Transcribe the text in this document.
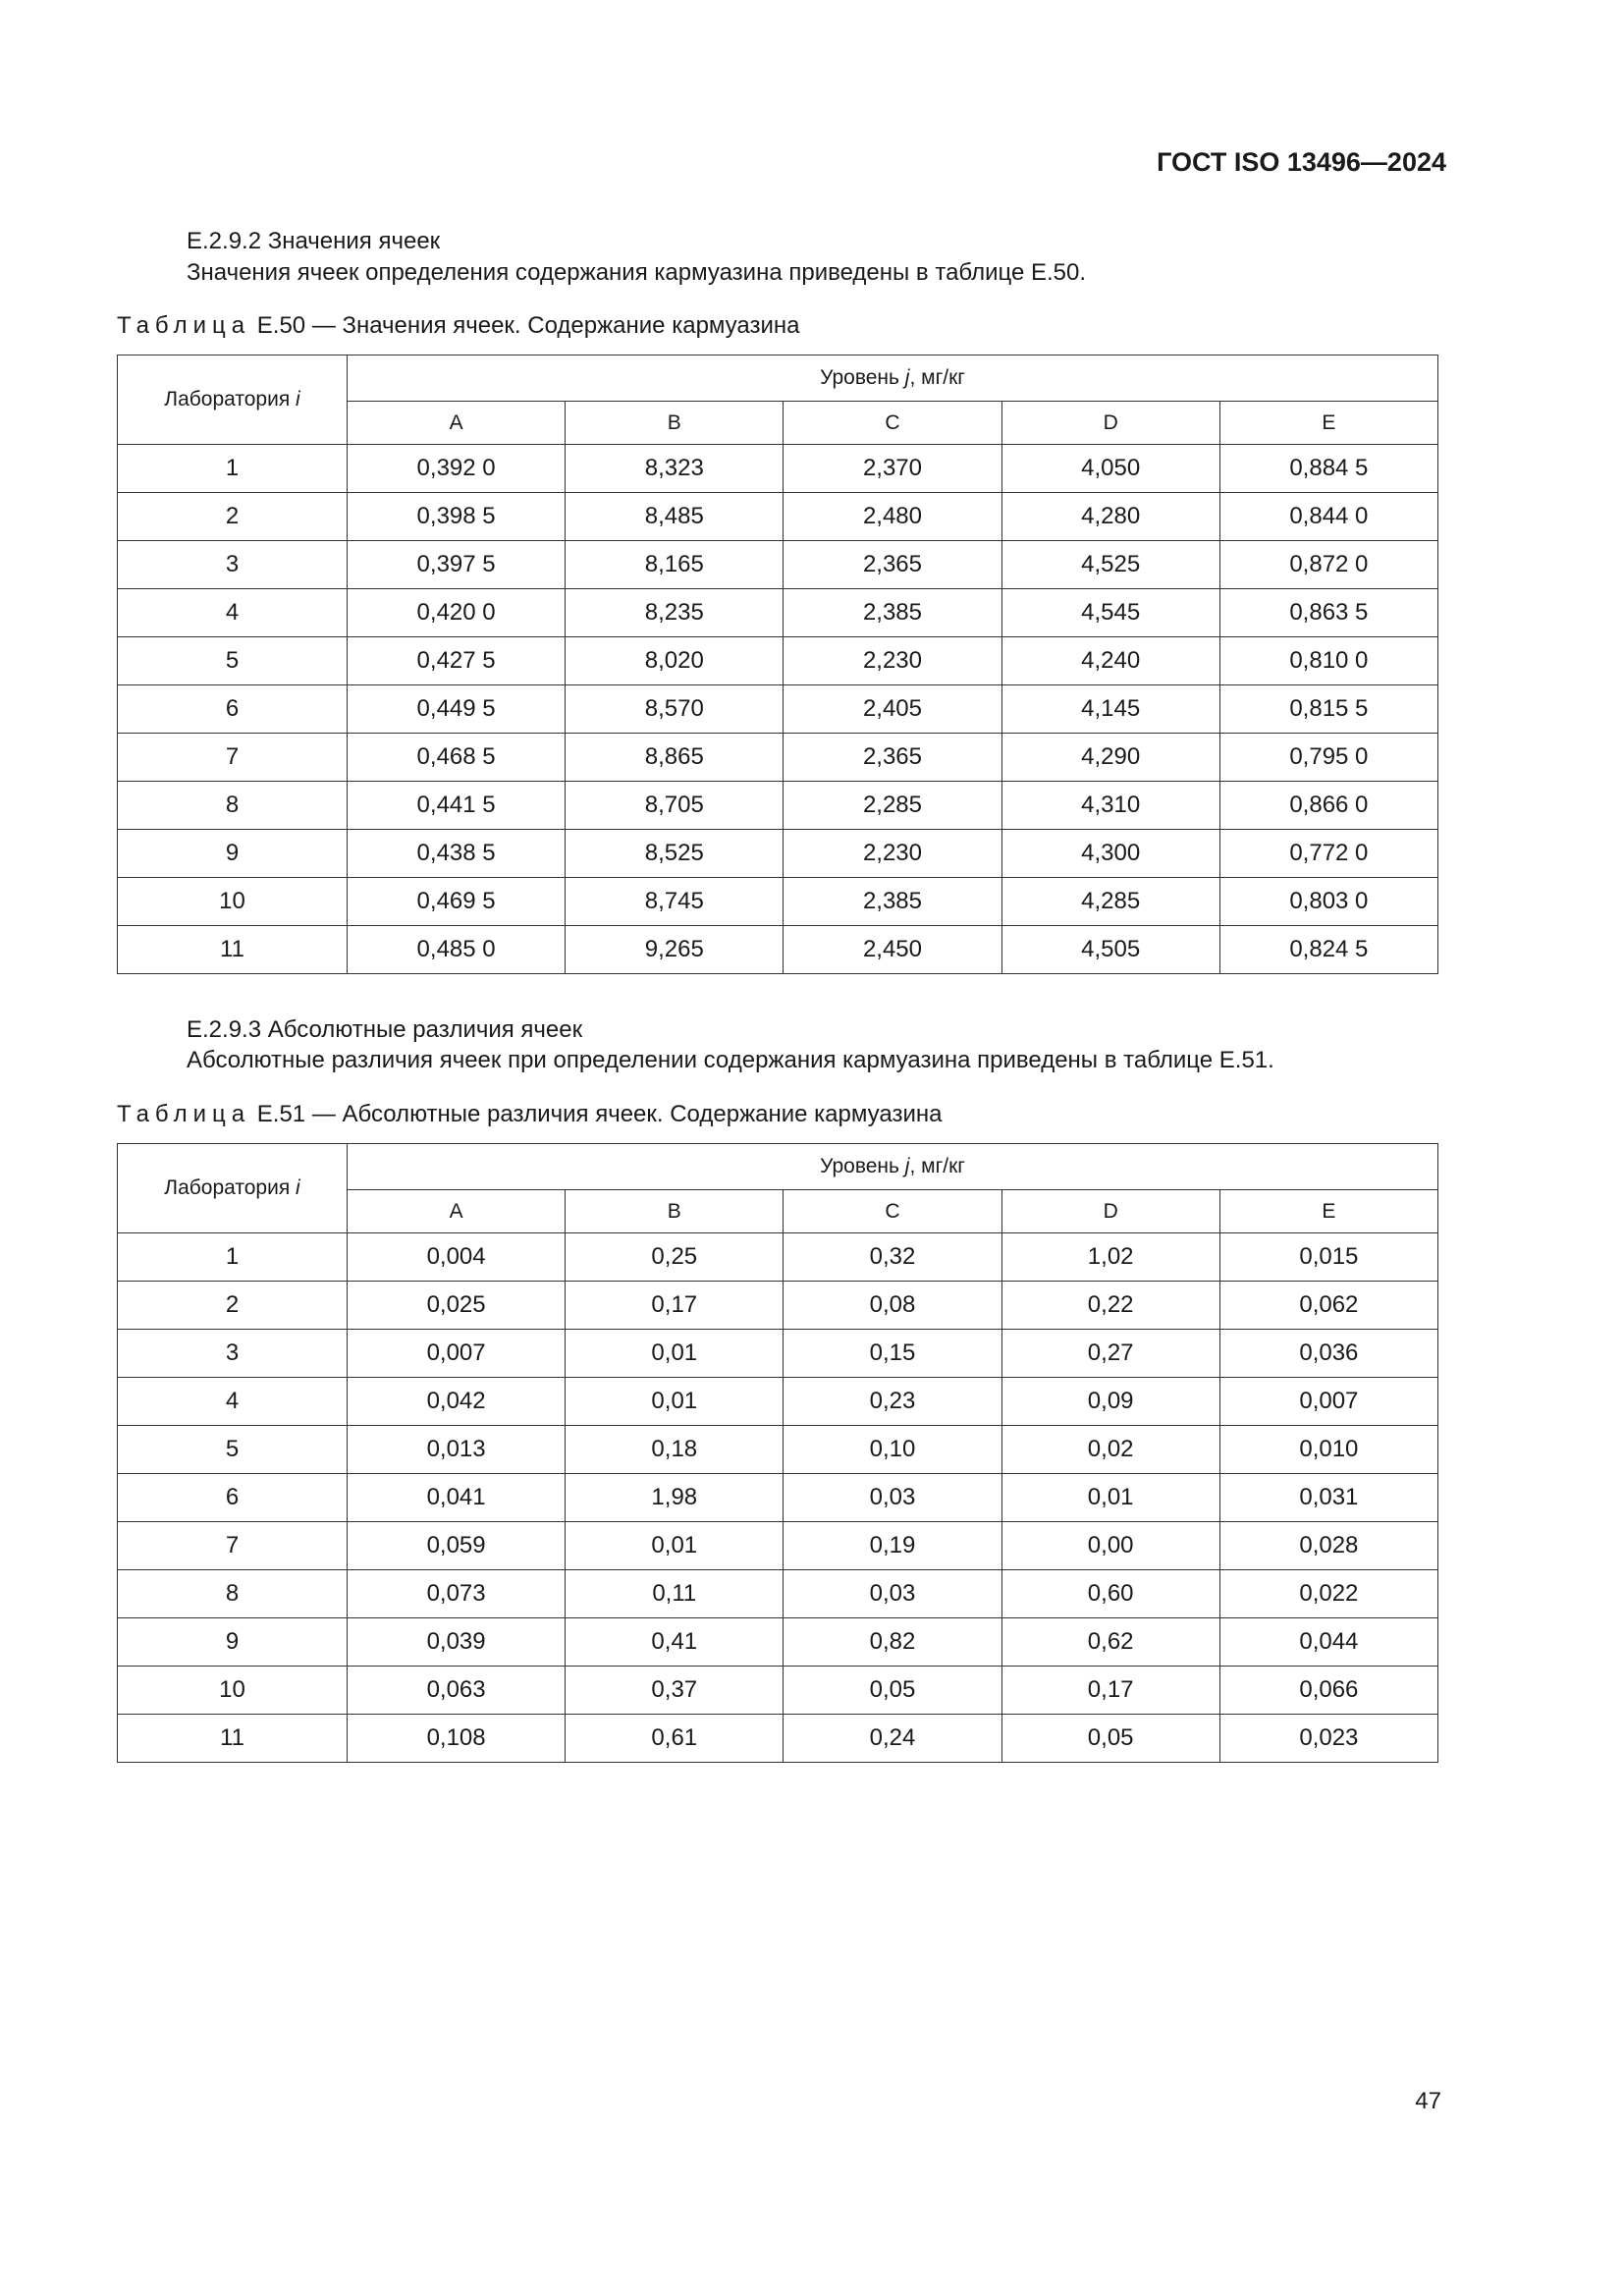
ГОСТ ISO 13496—2024
E.2.9.2 Значения ячеек
Значения ячеек определения содержания кармуазина приведены в таблице Е.50.
Таблица Е.50 — Значения ячеек. Содержание кармуазина
Лаборатория i	Уровень j, мг/кг				
	A	B	C	D	E
1	0,392 0	8,323	2,370	4,050	0,884 5
2	0,398 5	8,485	2,480	4,280	0,844 0
3	0,397 5	8,165	2,365	4,525	0,872 0
4	0,420 0	8,235	2,385	4,545	0,863 5
5	0,427 5	8,020	2,230	4,240	0,810 0
6	0,449 5	8,570	2,405	4,145	0,815 5
7	0,468 5	8,865	2,365	4,290	0,795 0
8	0,441 5	8,705	2,285	4,310	0,866 0
9	0,438 5	8,525	2,230	4,300	0,772 0
10	0,469 5	8,745	2,385	4,285	0,803 0
11	0,485 0	9,265	2,450	4,505	0,824 5
E.2.9.3 Абсолютные различия ячеек
Абсолютные различия ячеек при определении содержания кармуазина приведены в таблице Е.51.
Таблица Е.51 — Абсолютные различия ячеек. Содержание кармуазина
Лаборатория i	Уровень j, мг/кг				
	A	B	C	D	E
1	0,004	0,25	0,32	1,02	0,015
2	0,025	0,17	0,08	0,22	0,062
3	0,007	0,01	0,15	0,27	0,036
4	0,042	0,01	0,23	0,09	0,007
5	0,013	0,18	0,10	0,02	0,010
6	0,041	1,98	0,03	0,01	0,031
7	0,059	0,01	0,19	0,00	0,028
8	0,073	0,11	0,03	0,60	0,022
9	0,039	0,41	0,82	0,62	0,044
10	0,063	0,37	0,05	0,17	0,066
11	0,108	0,61	0,24	0,05	0,023
47
